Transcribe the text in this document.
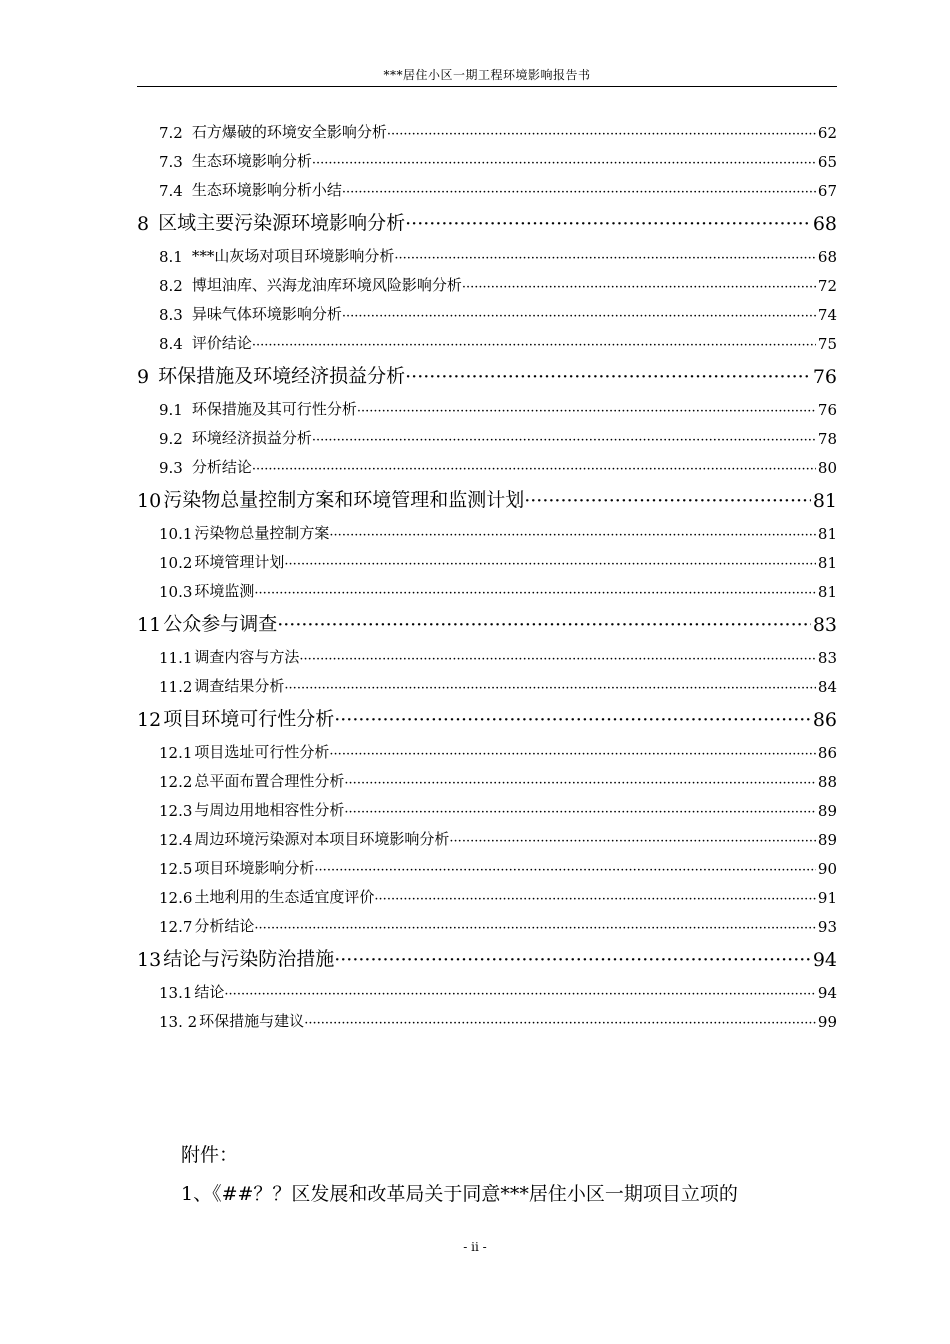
***居住小区一期工程环境影响报告书
7.2 石方爆破的环境安全影响分析 ·····	62
7.3 生态环境影响分析 ·····	65
7.4 生态环境影响分析小结 ·····	67
8 区域主要污染源环境影响分析 ·····	68
8.1 ***山灰场对项目环境影响分析 ·····	68
8.2 博坦油库、兴海龙油库环境风险影响分析 ·····	72
8.3 异味气体环境影响分析 ·····	74
8.4 评价结论 ·····	75
9 环保措施及环境经济损益分析 ·····	76
9.1 环保措施及其可行性分析 ·····	76
9.2 环境经济损益分析 ·····	78
9.3 分析结论 ·····	80
10 污染物总量控制方案和环境管理和监测计划 ·····	81
10.1 污染物总量控制方案 ·····	81
10.2 环境管理计划 ·····	81
10.3 环境监测 ·····	81
11 公众参与调查 ·····	83
11.1 调查内容与方法 ·····	83
11.2 调查结果分析 ·····	84
12 项目环境可行性分析 ·····	86
12.1 项目选址可行性分析 ·····	86
12.2 总平面布置合理性分析 ·····	88
12.3 与周边用地相容性分析 ·····	89
12.4 周边环境污染源对本项目环境影响分析 ·····	89
12.5 项目环境影响分析 ·····	90
12.6 土地利用的生态适宜度评价 ·····	91
12.7 分析结论 ·····	93
13 结论与污染防治措施 ·····	94
13.1 结论 ·····	94
13. 2 环保措施与建议 ·····	99
附件：
1、《##？？区发展和改革局关于同意***居住小区一期项目立项的
- ii -
